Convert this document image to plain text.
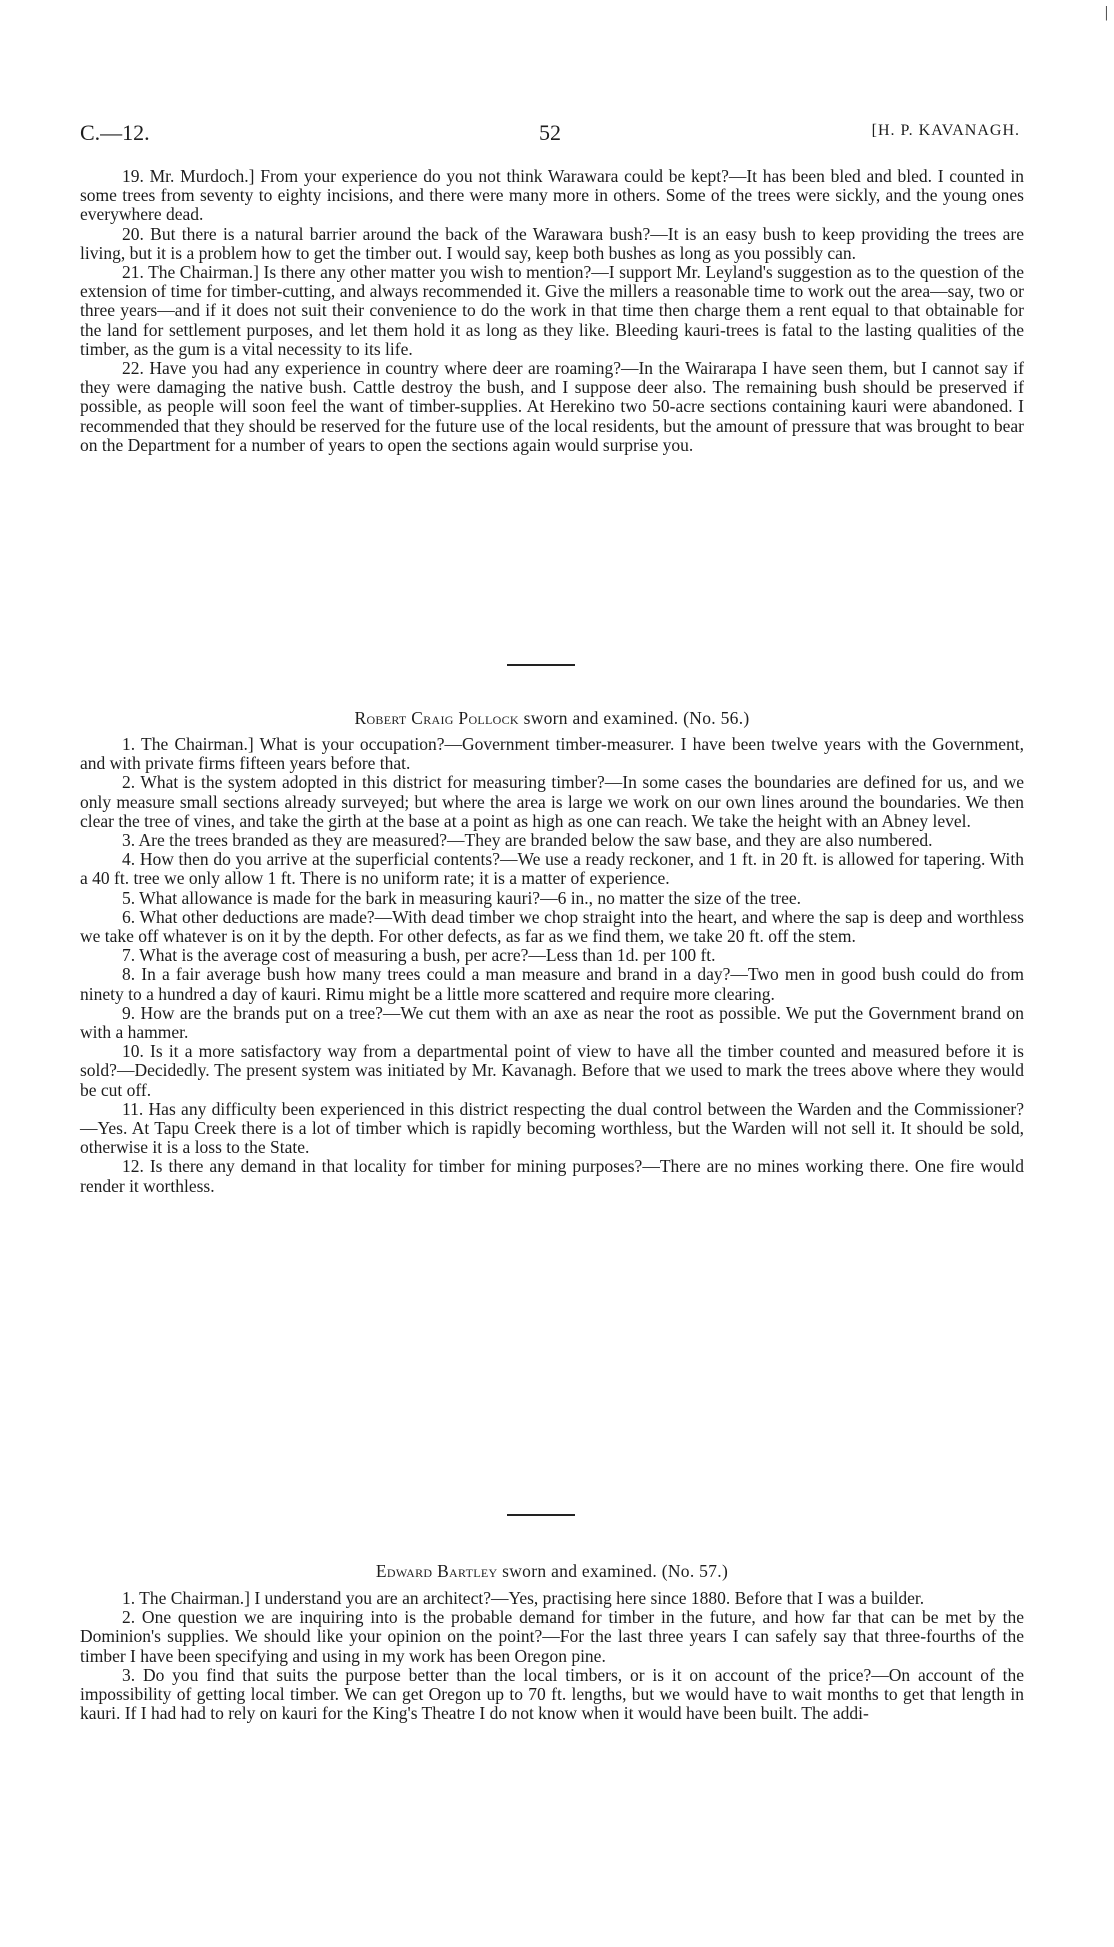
|
C.—12.	52	[H. P. KAVANAGH.

19. Mr. Murdoch.] From your experience do you not think Warawara could be kept?—It has been bled and bled. I counted in some trees from seventy to eighty incisions, and there were many more in others. Some of the trees were sickly, and the young ones everywhere dead.

20. But there is a natural barrier around the back of the Warawara bush?—It is an easy bush to keep providing the trees are living, but it is a problem how to get the timber out. I would say, keep both bushes as long as you possibly can.

21. The Chairman.] Is there any other matter you wish to mention?—I support Mr. Leyland's suggestion as to the question of the extension of time for timber-cutting, and always recommended it. Give the millers a reasonable time to work out the area—say, two or three years—and if it does not suit their convenience to do the work in that time then charge them a rent equal to that obtainable for the land for settlement purposes, and let them hold it as long as they like. Bleeding kauri-trees is fatal to the lasting qualities of the timber, as the gum is a vital necessity to its life.

22. Have you had any experience in country where deer are roaming?—In the Wairarapa I have seen them, but I cannot say if they were damaging the native bush. Cattle destroy the bush, and I suppose deer also. The remaining bush should be preserved if possible, as people will soon feel the want of timber-supplies. At Herekino two 50-acre sections containing kauri were abandoned. I recommended that they should be reserved for the future use of the local residents, but the amount of pressure that was brought to bear on the Department for a number of years to open the sections again would surprise you.

Robert Craig Pollock sworn and examined. (No. 56.)

1. The Chairman.] What is your occupation?—Government timber-measurer. I have been twelve years with the Government, and with private firms fifteen years before that.

2. What is the system adopted in this district for measuring timber?—In some cases the boundaries are defined for us, and we only measure small sections already surveyed; but where the area is large we work on our own lines around the boundaries. We then clear the tree of vines, and take the girth at the base at a point as high as one can reach. We take the height with an Abney level.

3. Are the trees branded as they are measured?—They are branded below the saw base, and they are also numbered.

4. How then do you arrive at the superficial contents?—We use a ready reckoner, and 1 ft. in 20 ft. is allowed for tapering. With a 40 ft. tree we only allow 1 ft. There is no uniform rate; it is a matter of experience.

5. What allowance is made for the bark in measuring kauri?—6 in., no matter the size of the tree.

6. What other deductions are made?—With dead timber we chop straight into the heart, and where the sap is deep and worthless we take off whatever is on it by the depth. For other defects, as far as we find them, we take 20 ft. off the stem.

7. What is the average cost of measuring a bush, per acre?—Less than 1d. per 100 ft.

8. In a fair average bush how many trees could a man measure and brand in a day?—Two men in good bush could do from ninety to a hundred a day of kauri. Rimu might be a little more scattered and require more clearing.

9. How are the brands put on a tree?—We cut them with an axe as near the root as possible. We put the Government brand on with a hammer.

10. Is it a more satisfactory way from a departmental point of view to have all the timber counted and measured before it is sold?—Decidedly. The present system was initiated by Mr. Kavanagh. Before that we used to mark the trees above where they would be cut off.

11. Has any difficulty been experienced in this district respecting the dual control between the Warden and the Commissioner?—Yes. At Tapu Creek there is a lot of timber which is rapidly becoming worthless, but the Warden will not sell it. It should be sold, otherwise it is a loss to the State.

12. Is there any demand in that locality for timber for mining purposes?—There are no mines working there. One fire would render it worthless.

Edward Bartley sworn and examined. (No. 57.)

1. The Chairman.] I understand you are an architect?—Yes, practising here since 1880. Before that I was a builder.

2. One question we are inquiring into is the probable demand for timber in the future, and how far that can be met by the Dominion's supplies. We should like your opinion on the point?—For the last three years I can safely say that three-fourths of the timber I have been specifying and using in my work has been Oregon pine.

3. Do you find that suits the purpose better than the local timbers, or is it on account of the price?—On account of the impossibility of getting local timber. We can get Oregon up to 70 ft. lengths, but we would have to wait months to get that length in kauri. If I had had to rely on kauri for the King's Theatre I do not know when it would have been built. The addi-
